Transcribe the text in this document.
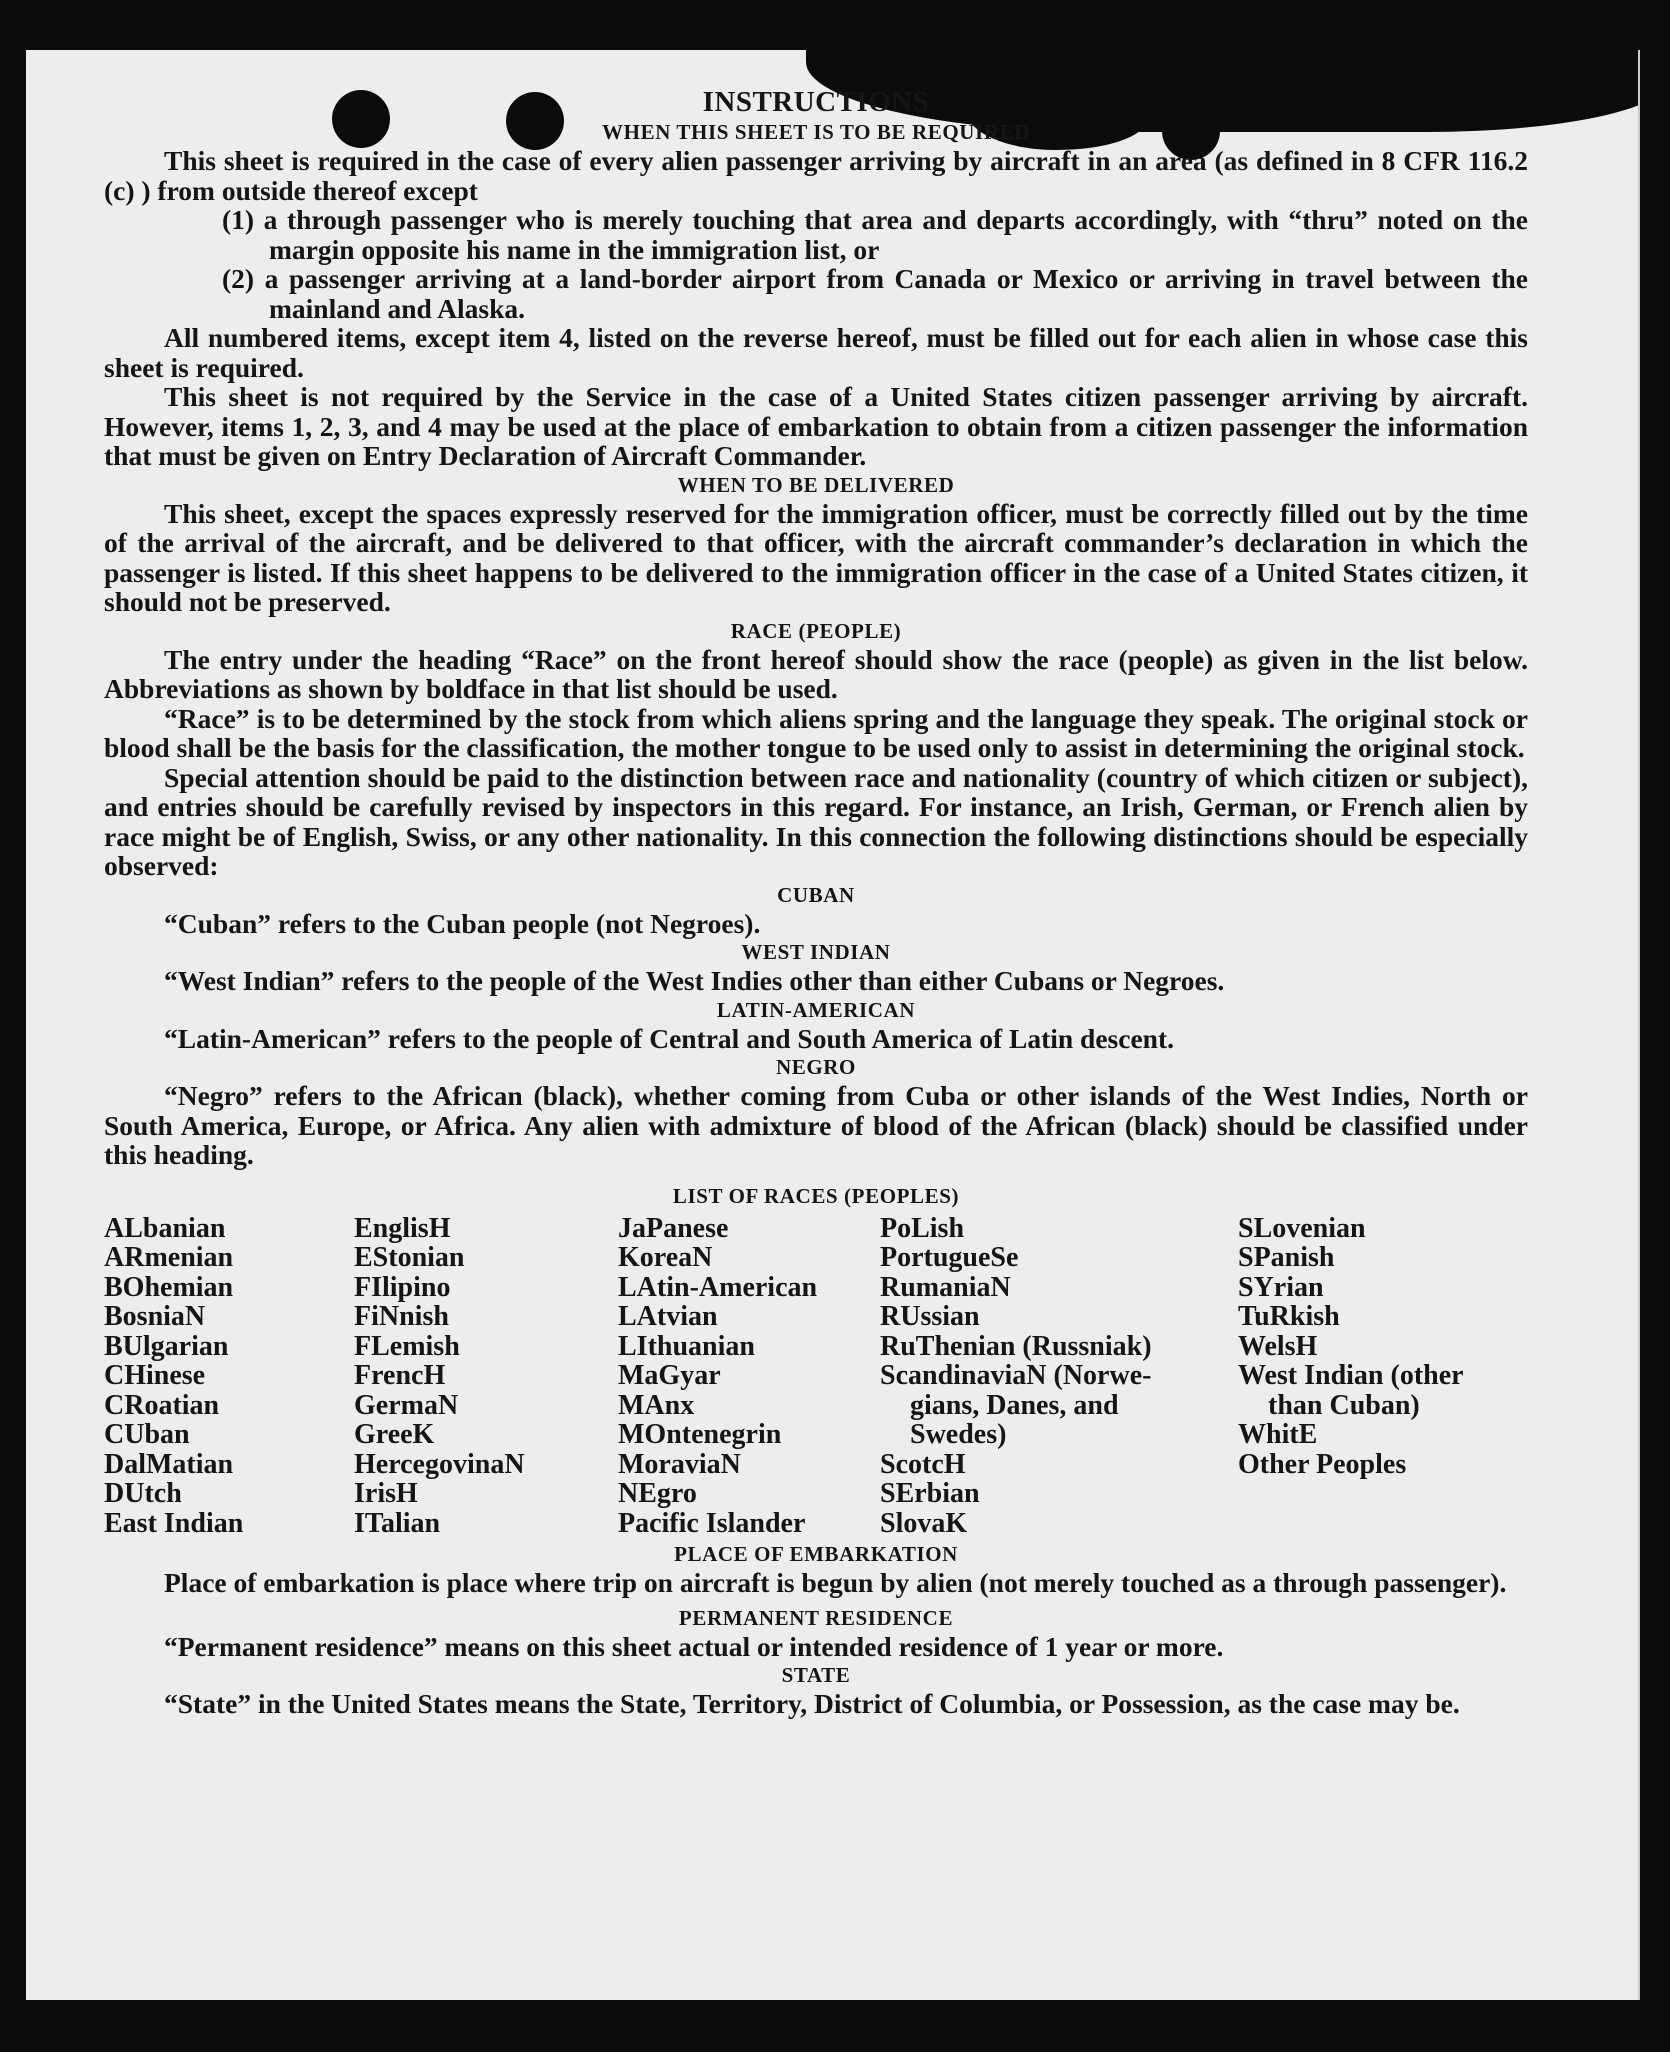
INSTRUCTIONS
WHEN THIS SHEET IS TO BE REQUIRED

This sheet is required in the case of every alien passenger arriving by aircraft in an area (as defined in 8 CFR 116.2 (c) ) from outside thereof except

(1) a through passenger who is merely touching that area and departs accordingly, with “thru” noted on the margin opposite his name in the immigration list, or

(2) a passenger arriving at a land-border airport from Canada or Mexico or arriving in travel between the mainland and Alaska.

All numbered items, except item 4, listed on the reverse hereof, must be filled out for each alien in whose case this sheet is required.

This sheet is not required by the Service in the case of a United States citizen passenger arriving by aircraft. However, items 1, 2, 3, and 4 may be used at the place of embarkation to obtain from a citizen passenger the information that must be given on Entry Declaration of Aircraft Commander.

WHEN TO BE DELIVERED

This sheet, except the spaces expressly reserved for the immigration officer, must be correctly filled out by the time of the arrival of the aircraft, and be delivered to that officer, with the aircraft commander’s declaration in which the passenger is listed. If this sheet happens to be delivered to the immigration officer in the case of a United States citizen, it should not be preserved.

RACE (PEOPLE)

The entry under the heading “Race” on the front hereof should show the race (people) as given in the list below. Abbreviations as shown by boldface in that list should be used.

“Race” is to be determined by the stock from which aliens spring and the language they speak. The original stock or blood shall be the basis for the classification, the mother tongue to be used only to assist in determining the original stock.

Special attention should be paid to the distinction between race and nationality (country of which citizen or subject), and entries should be carefully revised by inspectors in this regard. For instance, an Irish, German, or French alien by race might be of English, Swiss, or any other nationality. In this connection the following distinctions should be especially observed:

CUBAN

“Cuban” refers to the Cuban people (not Negroes).

WEST INDIAN

“West Indian” refers to the people of the West Indies other than either Cubans or Negroes.

LATIN-AMERICAN

“Latin-American” refers to the people of Central and South America of Latin descent.

NEGRO

“Negro” refers to the African (black), whether coming from Cuba or other islands of the West Indies, North or South America, Europe, or Africa. Any alien with admixture of blood of the African (black) should be classified under this heading.

LIST OF RACES (PEOPLES)
ALbanian
ARmenian
BOhemian
BosniaN
BUlgarian
CHinese
CRoatian
CUban
DalMatian
DUtch
East Indian
EnglisH
EStonian
FIlipino
FiNnish
FLemish
FrencH
GermaN
GreeK
HercegovinaN
IrisH
ITalian
JaPanese
KoreaN
LAtin-American
LAtvian
LIthuanian
MaGyar
MAnx
MOntenegrin
MoraviaN
NEgro
Pacific Islander
PoLish
PortugueSe
RumaniaN
RUssian
RuThenian (Russniak)
ScandinaviaN (Norwe-
gians, Danes, and
Swedes)
ScotcH
SErbian
SlovaK
SLovenian
SPanish
SYrian
TuRkish
WelsH
West Indian (other
than Cuban)
WhitE
Other Peoples
PLACE OF EMBARKATION

Place of embarkation is place where trip on aircraft is begun by alien (not merely touched as a through passenger).

PERMANENT RESIDENCE

“Permanent residence” means on this sheet actual or intended residence of 1 year or more.

STATE

“State” in the United States means the State, Territory, District of Columbia, or Possession, as the case may be.
